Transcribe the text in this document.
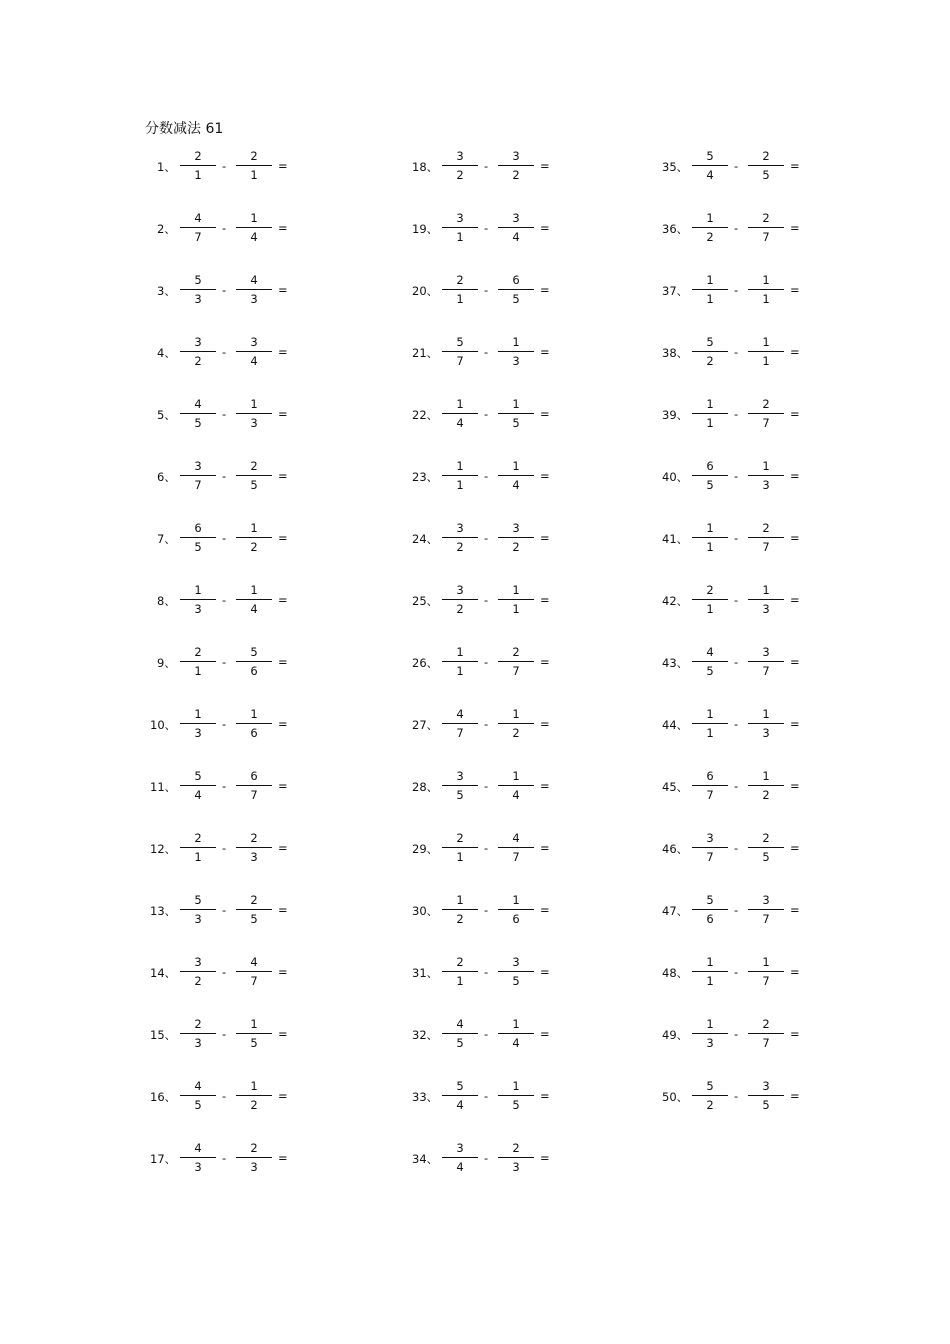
分数减法 61
1、
2
1
-
2
1
=
2、
4
7
-
1
4
=
3、
5
3
-
4
3
=
4、
3
2
-
3
4
=
5、
4
5
-
1
3
=
6、
3
7
-
2
5
=
7、
6
5
-
1
2
=
8、
1
3
-
1
4
=
9、
2
1
-
5
6
=
10、
1
3
-
1
6
=
11、
5
4
-
6
7
=
12、
2
1
-
2
3
=
13、
5
3
-
2
5
=
14、
3
2
-
4
7
=
15、
2
3
-
1
5
=
16、
4
5
-
1
2
=
17、
4
3
-
2
3
=
18、
3
2
-
3
2
=
19、
3
1
-
3
4
=
20、
2
1
-
6
5
=
21、
5
7
-
1
3
=
22、
1
4
-
1
5
=
23、
1
1
-
1
4
=
24、
3
2
-
3
2
=
25、
3
2
-
1
1
=
26、
1
1
-
2
7
=
27、
4
7
-
1
2
=
28、
3
5
-
1
4
=
29、
2
1
-
4
7
=
30、
1
2
-
1
6
=
31、
2
1
-
3
5
=
32、
4
5
-
1
4
=
33、
5
4
-
1
5
=
34、
3
4
-
2
3
=
35、
5
4
-
2
5
=
36、
1
2
-
2
7
=
37、
1
1
-
1
1
=
38、
5
2
-
1
1
=
39、
1
1
-
2
7
=
40、
6
5
-
1
3
=
41、
1
1
-
2
7
=
42、
2
1
-
1
3
=
43、
4
5
-
3
7
=
44、
1
1
-
1
3
=
45、
6
7
-
1
2
=
46、
3
7
-
2
5
=
47、
5
6
-
3
7
=
48、
1
1
-
1
7
=
49、
1
3
-
2
7
=
50、
5
2
-
3
5
=
